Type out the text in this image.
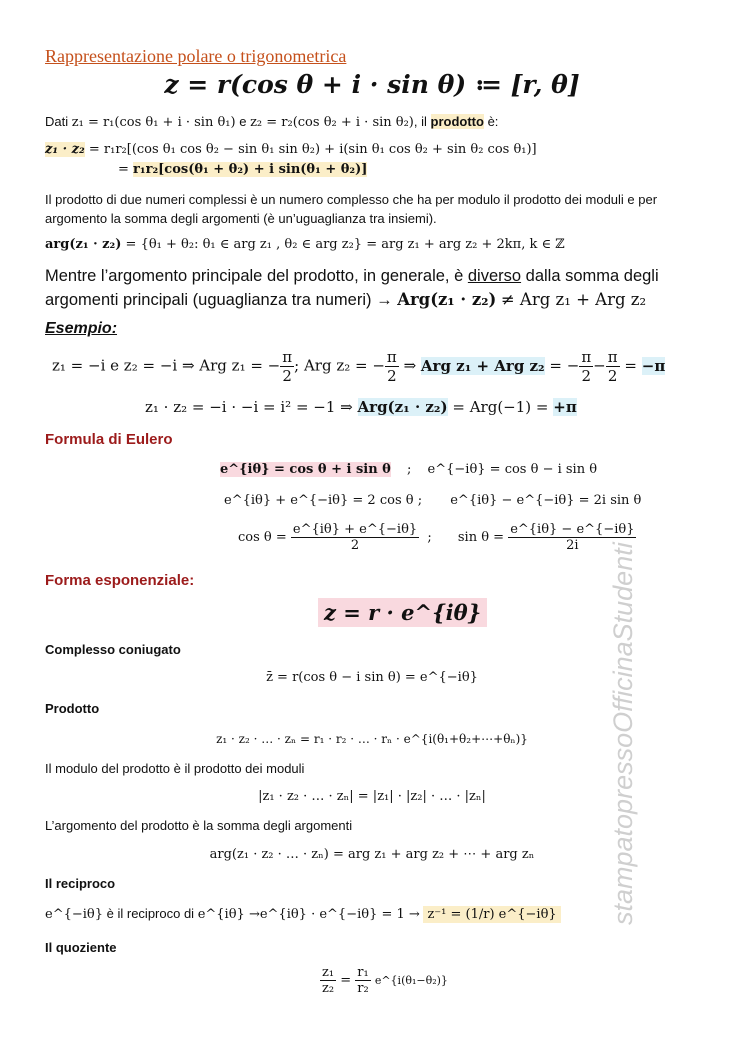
Rappresentazione polare o trigonometrica
z = r(cos θ + i · sin θ) ≔ [r, θ]
Dati z₁ = r₁(cos θ₁ + i · sin θ₁) e z₂ = r₂(cos θ₂ + i · sin θ₂), il prodotto è:
z₁ · z₂ = r₁r₂[(cos θ₁ cos θ₂ − sin θ₁ sin θ₂) + i(sin θ₁ cos θ₂ + sin θ₂ cos θ₁)]
= r₁r₂[cos(θ₁ + θ₂) + i sin(θ₁ + θ₂)]
Il prodotto di due numeri complessi è un numero complesso che ha per modulo il prodotto dei moduli e per argomento la somma degli argomenti (è un’uguaglianza tra insiemi).
arg(z₁ · z₂) = {θ₁ + θ₂: θ₁ ∈ arg z₁ , θ₂ ∈ arg z₂} = arg z₁ + arg z₂ + 2kπ, k ∈ ℤ
Mentre l’argomento principale del prodotto, in generale, è diverso dalla somma degli argomenti principali (uguaglianza tra numeri) → Arg(z₁ · z₂) ≠ Arg z₁ + Arg z₂
Esempio:
z₁ = −i e z₂ = −i ⇒ Arg z₁ = − $\frac{\pi}{2}$ ; Arg z₂ = − $\frac{\pi}{2}$ ⇒ Arg z₁ + Arg z₂ = − $\frac{\pi}{2} - \frac{\pi}{2} = -\pi$
z₁ · z₂ = −i · −i = i² = −1 ⇒ Arg(z₁ · z₂) = Arg(−1) = +π
Formula di Eulero
e^{iθ} = cos θ + i sin θ ; e^{−iθ} = cos θ − i sin θ
e^{iθ} + e^{−iθ} = 2 cos θ ; e^{iθ} − e^{−iθ} = 2i sin θ
$\cos \theta = \frac{e\^{}\{i\theta\} + e\^{}\{-i\theta\}}{2}$ ; $\sin \theta = \frac{e\^{}\{i\theta\} - e\^{}\{-i\theta\}}{2i}$
Forma esponenziale:
z = r · e^{iθ}
Complesso coniugato
z̄ = r(cos θ − i sin θ) = e^{−iθ}
Prodotto
z₁ · z₂ · … · zₙ = r₁ · r₂ · … · rₙ · e^{i(θ₁+θ₂+⋯+θₙ)}
Il modulo del prodotto è il prodotto dei moduli
|z₁ · z₂ · … · zₙ| = |z₁| · |z₂| · … · |zₙ|
L’argomento del prodotto è la somma degli argomenti
arg(z₁ · z₂ · … · zₙ) = arg z₁ + arg z₂ + ⋯ + arg zₙ
Il reciproco
e^{−iθ} è il reciproco di e^{iθ} →e^{iθ} · e^{−iθ} = 1 → z⁻¹ = (1/r) e^{−iθ}
Il quoziente
$\frac{\text{z₁}}{\text{z₂}} = \frac{\text{r₁}}{\text{r₂}}$ e^{i(θ₁−θ₂)}
stampatopressoOfficinaStudenti
